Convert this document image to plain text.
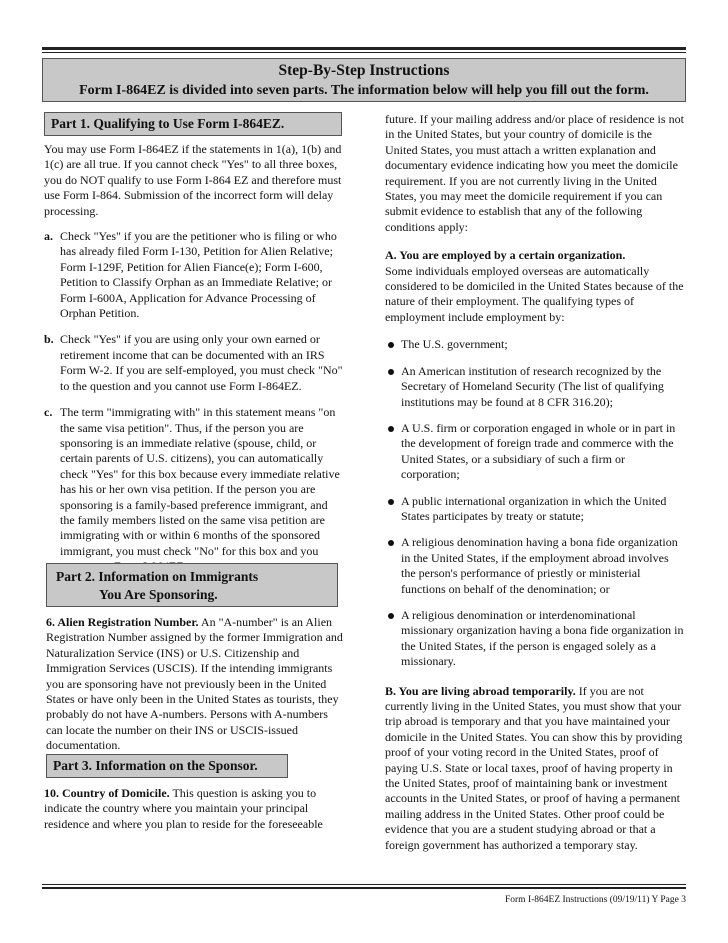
Step-By-Step Instructions
Form I-864EZ is divided into seven parts. The information below will help you fill out the form.
Part 1. Qualifying to Use Form I-864EZ.

You may use Form I-864EZ if the statements in 1(a), 1(b) and 1(c) are all true. If you cannot check "Yes" to all three boxes, you do NOT qualify to use Form I-864 EZ and therefore must use Form I-864. Submission of the incorrect form will delay processing.

a. Check "Yes" if you are the petitioner who is filing or who has already filed Form I-130, Petition for Alien Relative; Form I-129F, Petition for Alien Fiance(e); Form I-600, Petition to Classify Orphan as an Immediate Relative; or Form I-600A, Application for Advance Processing of Orphan Petition.
b. Check "Yes" if you are using only your own earned or retirement income that can be documented with an IRS Form W-2. If you are self-employed, you must check "No" to the question and you cannot use Form I-864EZ.
c. The term "immigrating with" in this statement means "on the same visa petition". Thus, if the person you are sponsoring is an immediate relative (spouse, child, or certain parents of U.S. citizens), you can automatically check "Yes" for this box because every immediate relative has his or her own visa petition. If the person you are sponsoring is a family-based preference immigrant, and the family members listed on the same visa petition are immigrating with or within 6 months of the sponsored immigrant, you must check "No" for this box and you
Part 2. Information on Immigrants
You Are Sponsoring.

6. Alien Registration Number. An "A-number" is an Alien Registration Number assigned by the former Immigration and Naturalization Service (INS) or U.S. Citizenship and Immigration Services (USCIS). If the intending immigrants you are sponsoring have not previously been in the United States or have only been in the United States as tourists, they probably do not have A-numbers. Persons with A-numbers can locate the number on their INS or USCIS-issued documentation.

Part 3. Information on the Sponsor.

10. Country of Domicile. This question is asking you to indicate the country where you maintain your principal residence and where you plan to reside for the foreseeable

future. If your mailing address and/or place of residence is not in the United States, but your country of domicile is the United States, you must attach a written explanation and documentary evidence indicating how you meet the domicile requirement. If you are not currently living in the United States, you may meet the domicile requirement if you can submit evidence to establish that any of the following conditions apply:

A. You are employed by a certain organization.
Some individuals employed overseas are automatically considered to be domiciled in the United States because of the nature of their employment. The qualifying types of employment include employment by:

The U.S. government;
An American institution of research recognized by the Secretary of Homeland Security (The list of qualifying institutions may be found at 8 CFR 316.20);
A U.S. firm or corporation engaged in whole or in part in the development of foreign trade and commerce with the United States, or a subsidiary of such a firm or corporation;
A public international organization in which the United States participates by treaty or statute;
A religious denomination having a bona fide organization in the United States, if the employment abroad involves the person's performance of priestly or ministerial functions on behalf of the denomination; or
A religious denomination or interdenominational missionary organization having a bona fide organization in the United States, if the person is engaged solely as a missionary.

B. You are living abroad temporarily. If you are not currently living in the United States, you must show that your trip abroad is temporary and that you have maintained your domicile in the United States. You can show this by providing proof of your voting record in the United States, proof of paying U.S. State or local taxes, proof of having property in the United States, proof of maintaining bank or investment accounts in the United States, or proof of having a permanent mailing address in the United States. Other proof could be evidence that you are a student studying abroad or that a foreign government has authorized a temporary stay.

Form I-864EZ Instructions (09/19/11) Y Page 3
